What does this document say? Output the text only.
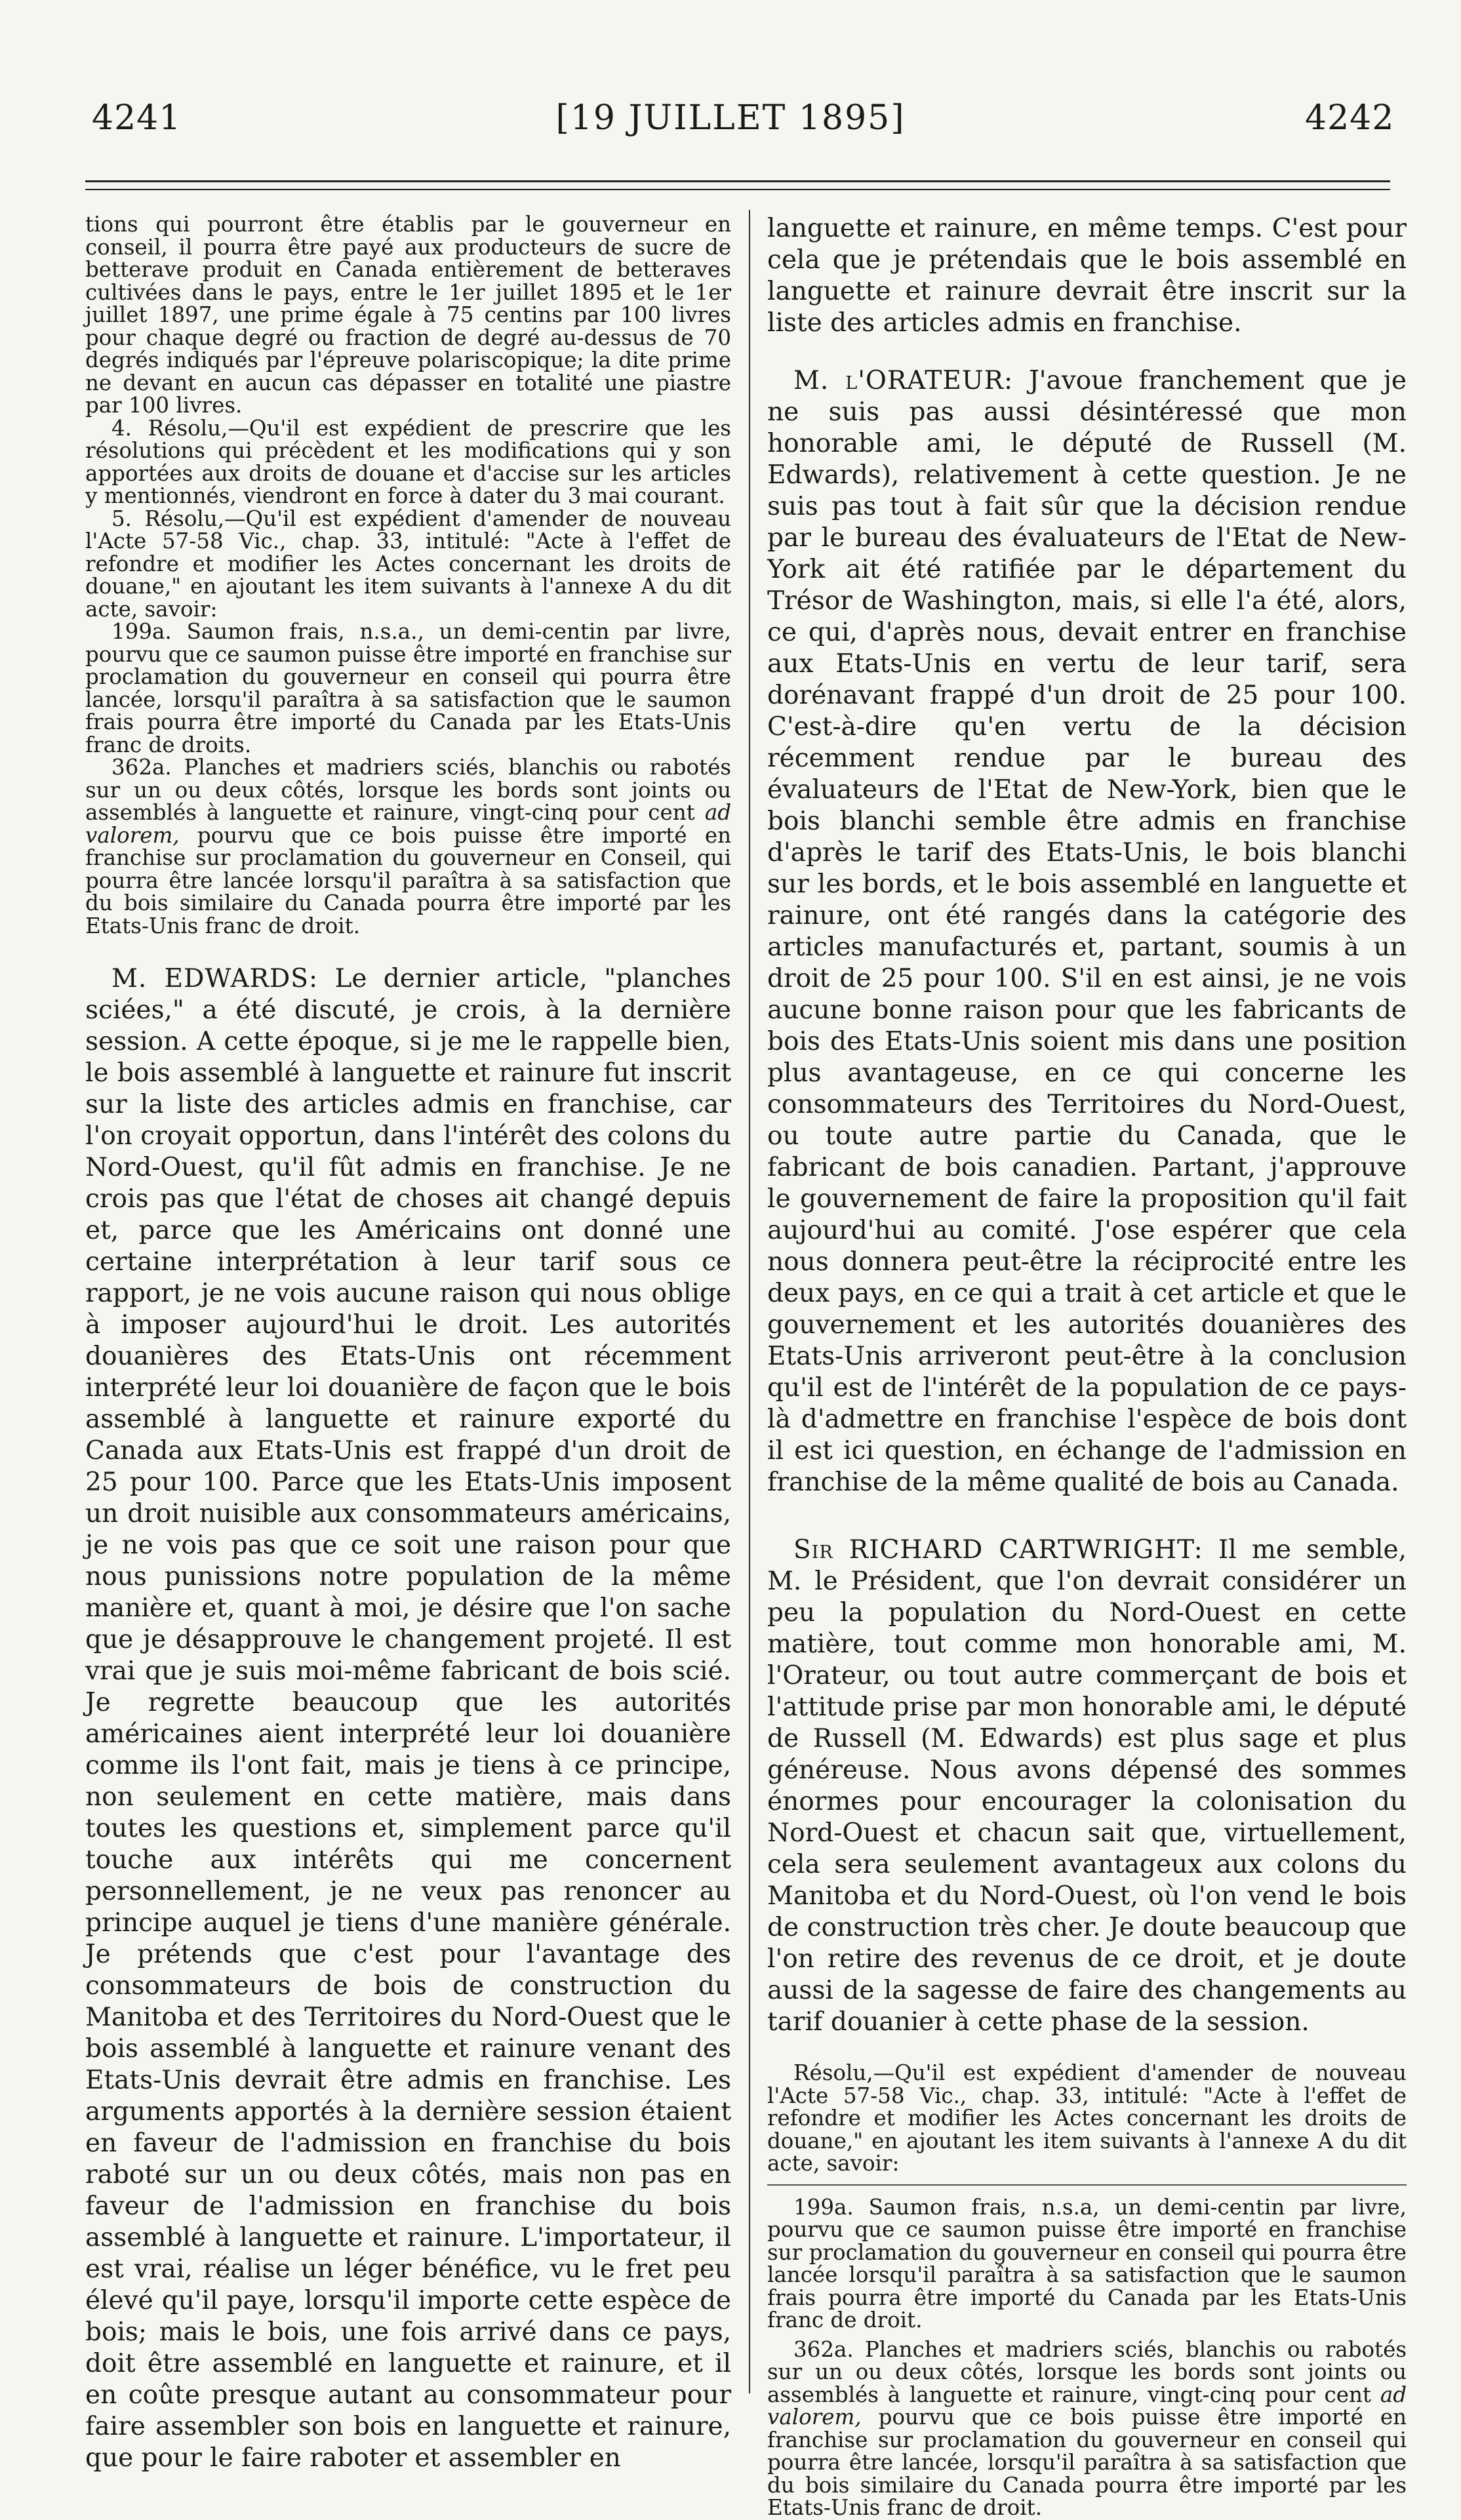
4241	[19 JUILLET 1895]	4242

tions qui pourront être établis par le gouverneur en conseil, il pourra être payé aux producteurs de sucre de betterave produit en Canada entièrement de betteraves cultivées dans le pays, entre le 1er juillet 1895 et le 1er juillet 1897, une prime égale à 75 centins par 100 livres pour chaque degré ou fraction de degré au-dessus de 70 degrés indiqués par l'épreuve polariscopique; la dite prime ne devant en aucun cas dépasser en totalité une piastre par 100 livres.

4. Résolu,—Qu'il est expédient de prescrire que les résolutions qui précèdent et les modifications qui y son apportées aux droits de douane et d'accise sur les articles y mentionnés, viendront en force à dater du 3 mai courant.

5. Résolu,—Qu'il est expédient d'amender de nouveau l'Acte 57-58 Vic., chap. 33, intitulé: "Acte à l'effet de refondre et modifier les Actes concernant les droits de douane," en ajoutant les item suivants à l'annexe A du dit acte, savoir:

199a. Saumon frais, n.s.a., un demi-centin par livre, pourvu que ce saumon puisse être importé en franchise sur proclamation du gouverneur en conseil qui pourra être lancée, lorsqu'il paraîtra à sa satisfaction que le saumon frais pourra être importé du Canada par les Etats-Unis franc de droits.

362a. Planches et madriers sciés, blanchis ou rabotés sur un ou deux côtés, lorsque les bords sont joints ou assemblés à languette et rainure, vingt-cinq pour cent ad valorem, pourvu que ce bois puisse être importé en franchise sur proclamation du gouverneur en Conseil, qui pourra être lancée lorsqu'il paraîtra à sa satisfaction que du bois similaire du Canada pourra être importé par les Etats-Unis franc de droit.

M. EDWARDS: Le dernier article, "planches sciées," a été discuté, je crois, à la dernière session. A cette époque, si je me le rappelle bien, le bois assemblé à languette et rainure fut inscrit sur la liste des articles admis en franchise, car l'on croyait opportun, dans l'intérêt des colons du Nord-Ouest, qu'il fût admis en franchise. Je ne crois pas que l'état de choses ait changé depuis et, parce que les Américains ont donné une certaine interprétation à leur tarif sous ce rapport, je ne vois aucune raison qui nous oblige à imposer aujourd'hui le droit. Les autorités douanières des Etats-Unis ont récemment interprété leur loi douanière de façon que le bois assemblé à languette et rainure exporté du Canada aux Etats-Unis est frappé d'un droit de 25 pour 100. Parce que les Etats-Unis imposent un droit nuisible aux consommateurs américains, je ne vois pas que ce soit une raison pour que nous punissions notre population de la même manière et, quant à moi, je désire que l'on sache que je désapprouve le changement projeté. Il est vrai que je suis moi-même fabricant de bois scié. Je regrette beaucoup que les autorités américaines aient interprété leur loi douanière comme ils l'ont fait, mais je tiens à ce principe, non seulement en cette matière, mais dans toutes les questions et, simplement parce qu'il touche aux intérêts qui me concernent personnellement, je ne veux pas renoncer au principe auquel je tiens d'une manière générale. Je prétends que c'est pour l'avantage des consommateurs de bois de construction du Manitoba et des Territoires du Nord-Ouest que le bois assemblé à languette et rainure venant des Etats-Unis devrait être admis en franchise. Les arguments apportés à la dernière session étaient en faveur de l'admission en franchise du bois raboté sur un ou deux côtés, mais non pas en faveur de l'admission en franchise du bois assemblé à languette et rainure. L'importateur, il est vrai, réalise un léger bénéfice, vu le fret peu élevé qu'il paye, lorsqu'il importe cette espèce de bois; mais le bois, une fois arrivé dans ce pays, doit être assemblé en languette et rainure, et il en coûte presque autant au consommateur pour faire assembler son bois en languette et rainure, que pour le faire raboter et assembler en

languette et rainure, en même temps. C'est pour cela que je prétendais que le bois assemblé en languette et rainure devrait être inscrit sur la liste des articles admis en franchise.

M. l'ORATEUR: J'avoue franchement que je ne suis pas aussi désintéressé que mon honorable ami, le député de Russell (M. Edwards), relativement à cette question. Je ne suis pas tout à fait sûr que la décision rendue par le bureau des évaluateurs de l'Etat de New-York ait été ratifiée par le département du Trésor de Washington, mais, si elle l'a été, alors, ce qui, d'après nous, devait entrer en franchise aux Etats-Unis en vertu de leur tarif, sera dorénavant frappé d'un droit de 25 pour 100. C'est-à-dire qu'en vertu de la décision récemment rendue par le bureau des évaluateurs de l'Etat de New-York, bien que le bois blanchi semble être admis en franchise d'après le tarif des Etats-Unis, le bois blanchi sur les bords, et le bois assemblé en languette et rainure, ont été rangés dans la catégorie des articles manufacturés et, partant, soumis à un droit de 25 pour 100. S'il en est ainsi, je ne vois aucune bonne raison pour que les fabricants de bois des Etats-Unis soient mis dans une position plus avantageuse, en ce qui concerne les consommateurs des Territoires du Nord-Ouest, ou toute autre partie du Canada, que le fabricant de bois canadien. Partant, j'approuve le gouvernement de faire la proposition qu'il fait aujourd'hui au comité. J'ose espérer que cela nous donnera peut-être la réciprocité entre les deux pays, en ce qui a trait à cet article et que le gouvernement et les autorités douanières des Etats-Unis arriveront peut-être à la conclusion qu'il est de l'intérêt de la population de ce pays-là d'admettre en franchise l'espèce de bois dont il est ici question, en échange de l'admission en franchise de la même qualité de bois au Canada.

Sir RICHARD CARTWRIGHT: Il me semble, M. le Président, que l'on devrait considérer un peu la population du Nord-Ouest en cette matière, tout comme mon honorable ami, M. l'Orateur, ou tout autre commerçant de bois et l'attitude prise par mon honorable ami, le député de Russell (M. Edwards) est plus sage et plus généreuse. Nous avons dépensé des sommes énormes pour encourager la colonisation du Nord-Ouest et chacun sait que, virtuellement, cela sera seulement avantageux aux colons du Manitoba et du Nord-Ouest, où l'on vend le bois de construction très cher. Je doute beaucoup que l'on retire des revenus de ce droit, et je doute aussi de la sagesse de faire des changements au tarif douanier à cette phase de la session.

Résolu,—Qu'il est expédient d'amender de nouveau l'Acte 57-58 Vic., chap. 33, intitulé: "Acte à l'effet de refondre et modifier les Actes concernant les droits de douane," en ajoutant les item suivants à l'annexe A du dit acte, savoir:

199a. Saumon frais, n.s.a, un demi-centin par livre, pourvu que ce saumon puisse être importé en franchise sur proclamation du gouverneur en conseil qui pourra être lancée lorsqu'il paraîtra à sa satisfaction que le saumon frais pourra être importé du Canada par les Etats-Unis franc de droit.

362a. Planches et madriers sciés, blanchis ou rabotés sur un ou deux côtés, lorsque les bords sont joints ou assemblés à languette et rainure, vingt-cinq pour cent ad valorem, pourvu que ce bois puisse être importé en franchise sur proclamation du gouverneur en conseil qui pourra être lancée, lorsqu'il paraîtra à sa satisfaction que du bois similaire du Canada pourra être importé par les Etats-Unis franc de droit.
